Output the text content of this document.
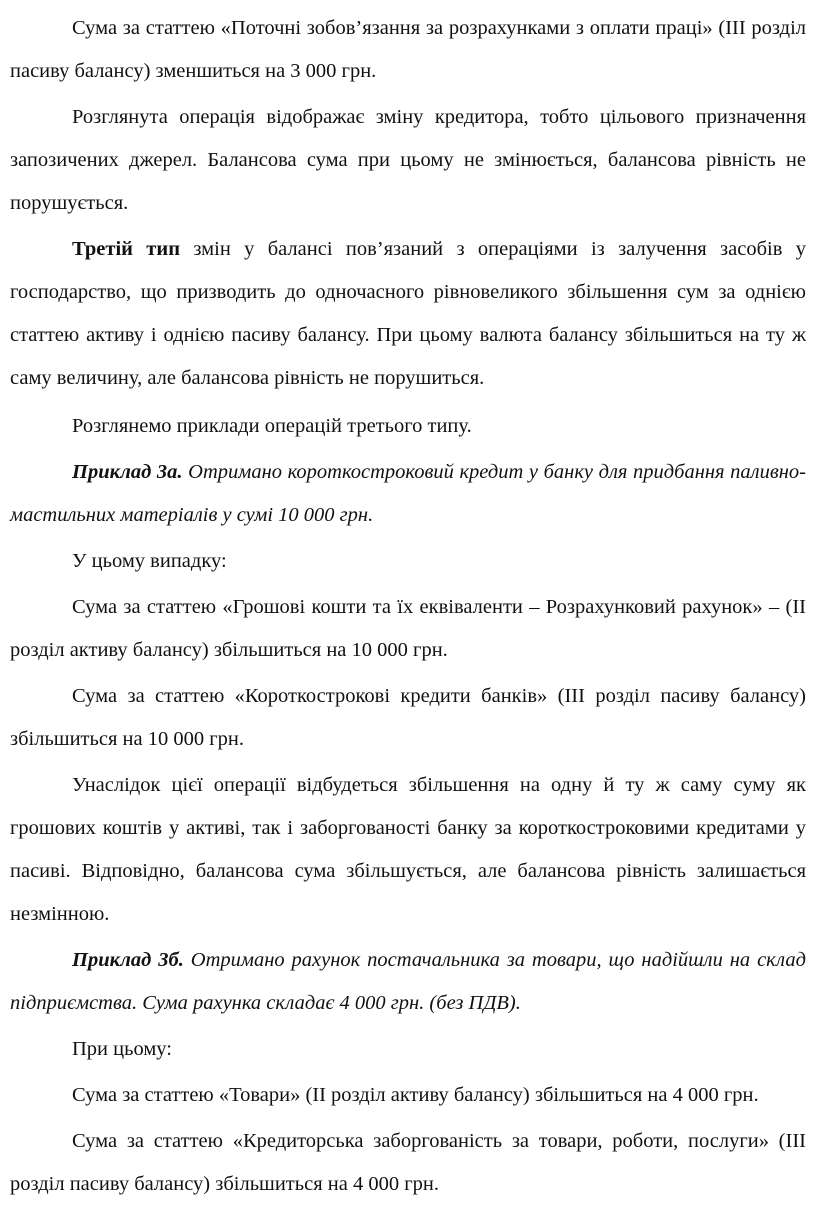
Сума за статтею «Поточні зобов’язання за розрахунками з оплати праці» (ІІІ розділ пасиву балансу) зменшиться на 3 000 грн.

Розглянута операція відображає зміну кредитора, тобто цільового призначення запозичених джерел. Балансова сума при цьому не змінюється, балансова рівність не порушується.

Третій тип змін у балансі пов’язаний з операціями із залучення засобів у господарство, що призводить до одночасного рівновеликого збільшення сум за однією статтею активу і однією пасиву балансу. При цьому валюта балансу збільшиться на ту ж саму величину, але балансова рівність не порушиться.

Розглянемо приклади операцій третього типу.

Приклад 3а. Отримано короткостроковий кредит у банку для придбання паливно-мастильних матеріалів у сумі 10 000 грн.

У цьому випадку:

Сума за статтею «Грошові кошти та їх еквіваленти – Розрахунковий рахунок» – (ІІ розділ активу балансу) збільшиться на 10 000 грн.

Сума за статтею «Короткострокові кредити банків» (ІІІ розділ пасиву балансу) збільшиться на 10 000 грн.

Унаслідок цієї операції відбудеться збільшення на одну й ту ж саму суму як грошових коштів у активі, так і заборгованості банку за короткостроковими кредитами у пасиві. Відповідно, балансова сума збільшується, але балансова рівність залишається незмінною.

Приклад 3б. Отримано рахунок постачальника за товари, що надійшли на склад підприємства. Сума рахунка складає 4 000 грн. (без ПДВ).

При цьому:

Сума за статтею «Товари» (ІІ розділ активу балансу) збільшиться на 4 000 грн.

Сума за статтею «Кредиторська заборгованість за товари, роботи, послуги» (ІІІ розділ пасиву балансу) збільшиться на 4 000 грн.
